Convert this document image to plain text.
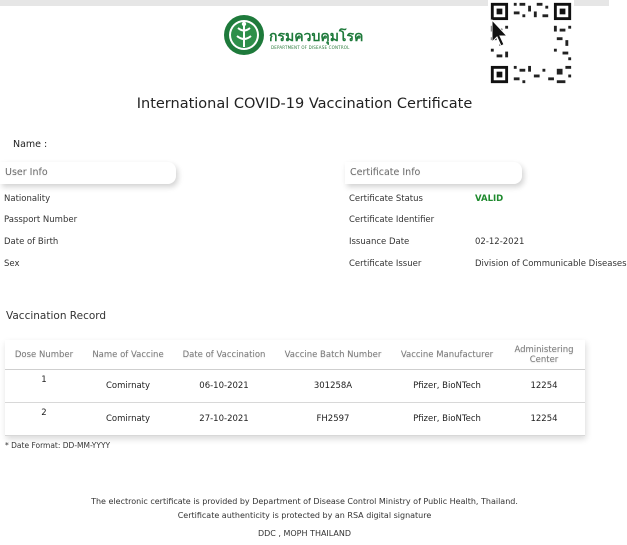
กรมควบคุมโรค
DEPARTMENT OF DISEASE CONTROL
International COVID-19 Vaccination Certificate
Name :
User Info
Nationality
Passport Number
Date of Birth
Sex
Certificate Info
Certificate Status	VALID
Certificate Identifier
Issuance Date	02-12-2021
Certificate Issuer	Division of Communicable Diseases
Vaccination Record
Dose Number	Name of Vaccine	Date of Vaccination	Vaccine Batch Number	Vaccine Manufacturer	Administering Center
1	Comirnaty	06-10-2021	301258A	Pfizer, BioNTech	12254
2	Comirnaty	27-10-2021	FH2597	Pfizer, BioNTech	12254
* Date Format: DD-MM-YYYY
The electronic certificate is provided by Department of Disease Control Ministry of Public Health, Thailand.
Certificate authenticity is protected by an RSA digital signature
DDC , MOPH THAILAND
